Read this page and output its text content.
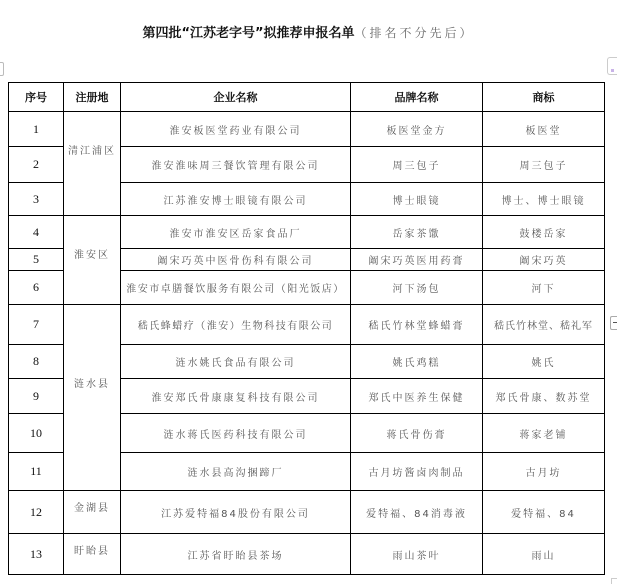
第四批“江苏老字号”拟推荐申报名单（排名不分先后）
序号	注册地	企业名称	品牌名称	商标
1	清江浦区	淮安板医堂药业有限公司	板医堂金方	板医堂
2		淮安淮味周三餐饮管理有限公司	周三包子	周三包子
3		江苏淮安博士眼镜有限公司	博士眼镜	博士、博士眼镜
4	淮安区	淮安市淮安区岳家食品厂	岳家茶馓	鼓楼岳家
5		阚宋巧英中医骨伤科有限公司	阚宋巧英医用药膏	阚宋巧英
6		淮安市卓膳餐饮服务有限公司（阳光饭店）	河下汤包	河下
7	涟水县	嵇氏蜂蜡疗（淮安）生物科技有限公司	嵇氏竹林堂蜂蜡膏	嵇氏竹林堂、嵇礼军
8		涟水姚氏食品有限公司	姚氏鸡糕	姚氏
9		淮安郑氏骨康康复科技有限公司	郑氏中医养生保健	郑氏骨康、数苏堂
10		涟水蒋氏医药科技有限公司	蒋氏骨伤膏	蒋家老铺
11		涟水县高沟捆蹄厂	古月坊酱卤肉制品	古月坊
12	金湖县	江苏爱特福84股份有限公司	爱特福、84消毒液	爱特福、84
13	盱眙县	江苏省盱眙县茶场	雨山茶叶	雨山
